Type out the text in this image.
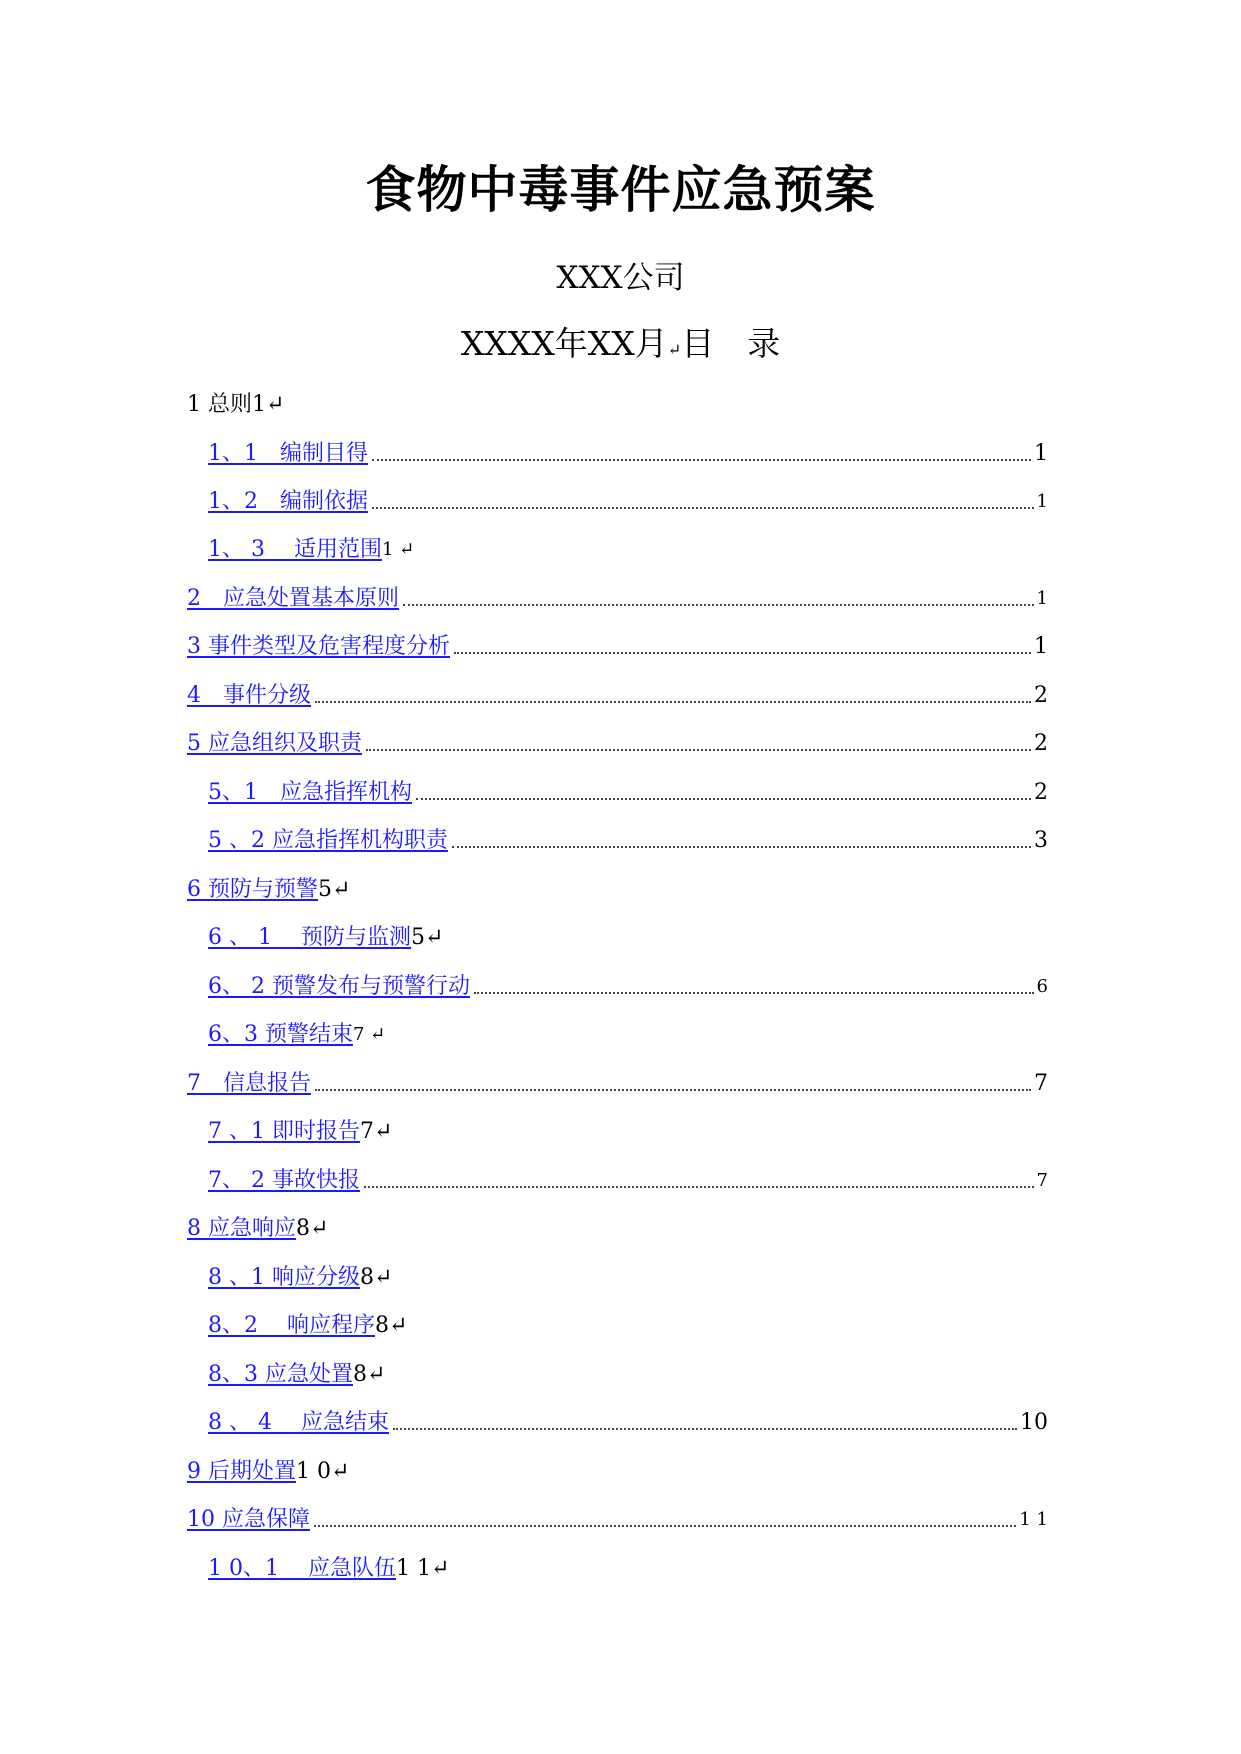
食物中毒事件应急预案
XXX公司
XXXX年XX月↵目　录
1 总则 1↵
1、1　编制目得	1
1、2　编制依据	1
1、 3 　适用范围 1 ↵
2　应急处置基本原则	1
3 事件类型及危害程度分析	1
4　事件分级	2
5 应急组织及职责	2
5、1　应急指挥机构	2
5 、2 应急指挥机构职责	3
6 预防与预警 5↵
6 、 1 　预防与监测 5↵
6、 2 预警发布与预警行动	6
6、3 预警结束 7 ↵
7　信息报告	7
7 、1 即时报告 7↵
7、 2 事故快报	7
8 应急响应 8↵
8 、1 响应分级 8↵
8、2 　响应程序 8↵
8、3 应急处置 8↵
8 、 4 　应急结束	10
9 后期处置 1 0↵
10 应急保障	1 1
1 0、1 　应急队伍 1 1↵
